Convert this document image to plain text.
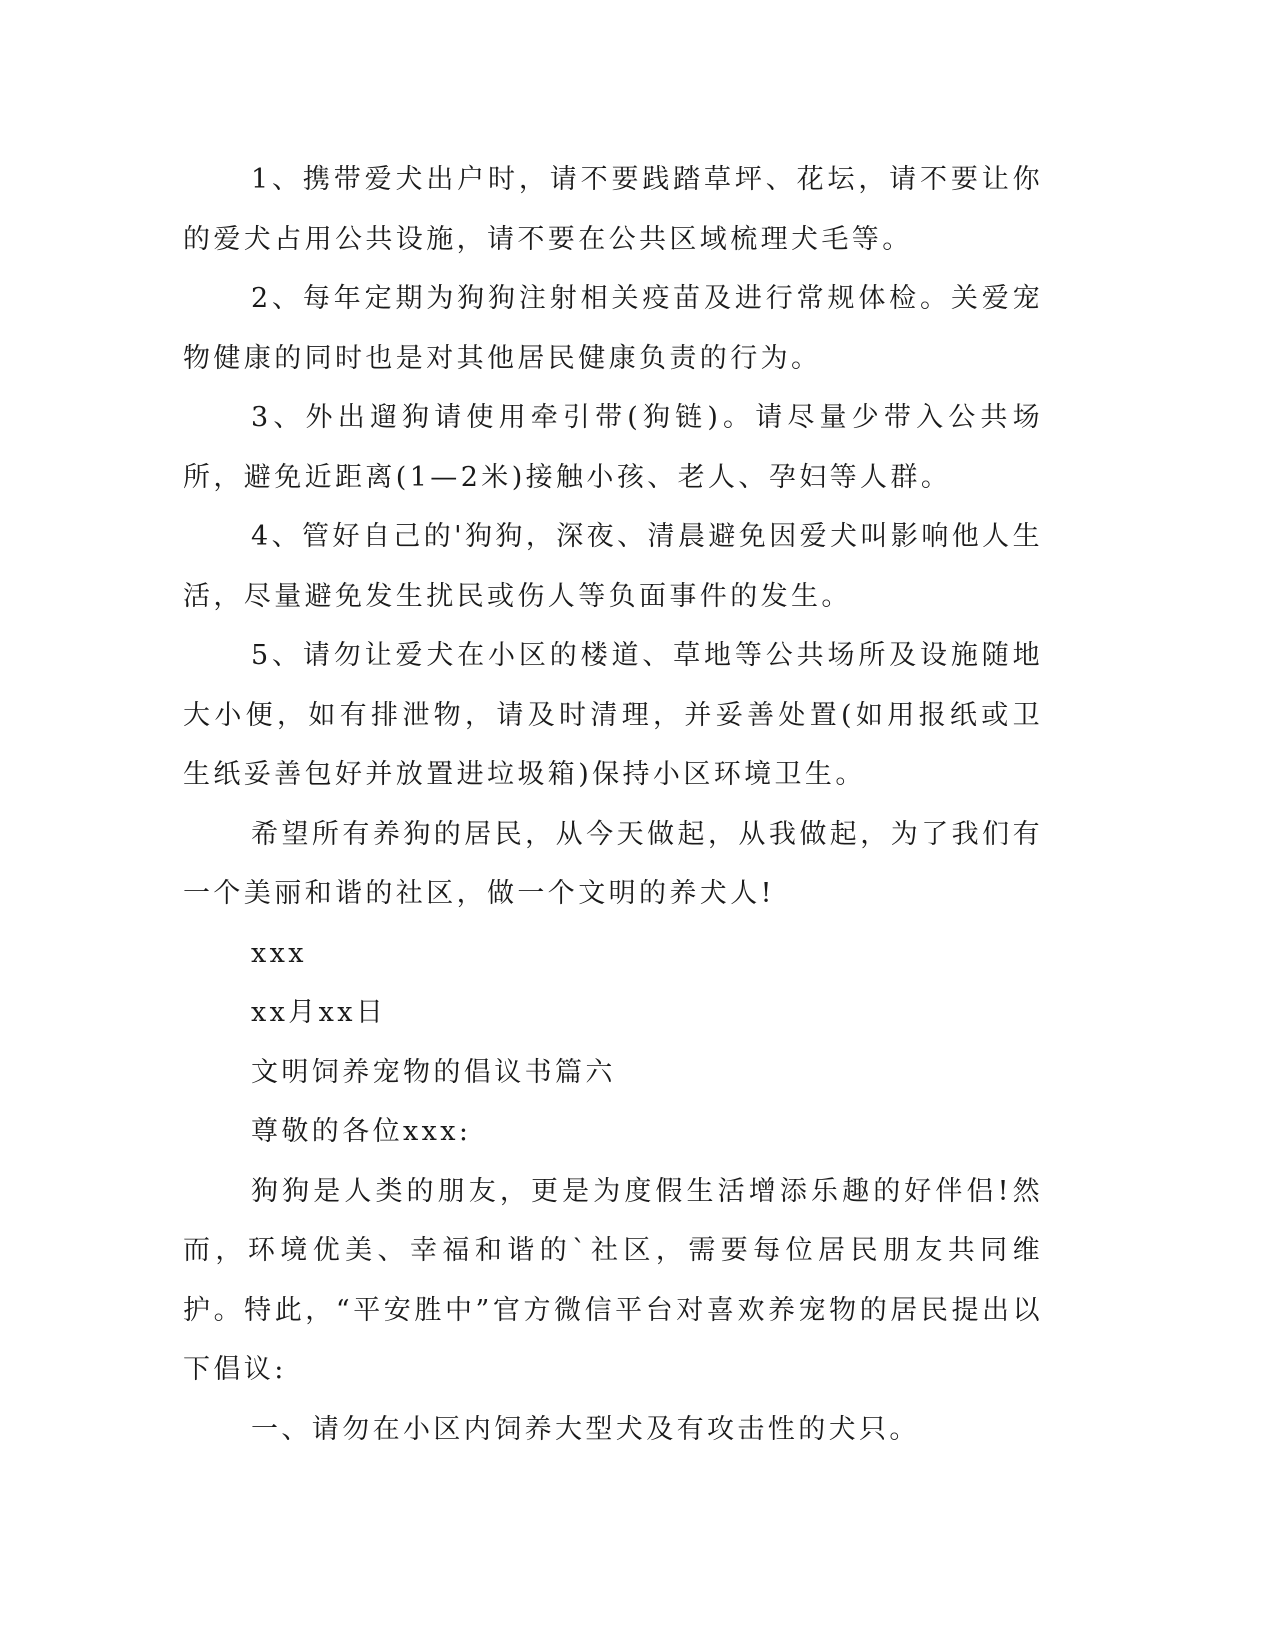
1、携带爱犬出户时，请不要践踏草坪、花坛，请不要让你的爱犬占用公共设施，请不要在公共区域梳理犬毛等。

2、每年定期为狗狗注射相关疫苗及进行常规体检。关爱宠物健康的同时也是对其他居民健康负责的行为。

3、外出遛狗请使用牵引带(狗链)。请尽量少带入公共场所，避免近距离(1—2米)接触小孩、老人、孕妇等人群。

4、管好自己的'狗狗，深夜、清晨避免因爱犬叫影响他人生活，尽量避免发生扰民或伤人等负面事件的发生。

5、请勿让爱犬在小区的楼道、草地等公共场所及设施随地大小便，如有排泄物，请及时清理，并妥善处置(如用报纸或卫生纸妥善包好并放置进垃圾箱)保持小区环境卫生。

希望所有养狗的居民，从今天做起，从我做起，为了我们有一个美丽和谐的社区，做一个文明的养犬人!

xxx

xx月xx日

文明饲养宠物的倡议书篇六

尊敬的各位xxx:

狗狗是人类的朋友，更是为度假生活增添乐趣的好伴侣!然而，环境优美、幸福和谐的`社区，需要每位居民朋友共同维护。特此，“平安胜中”官方微信平台对喜欢养宠物的居民提出以下倡议:

一、请勿在小区内饲养大型犬及有攻击性的犬只。
